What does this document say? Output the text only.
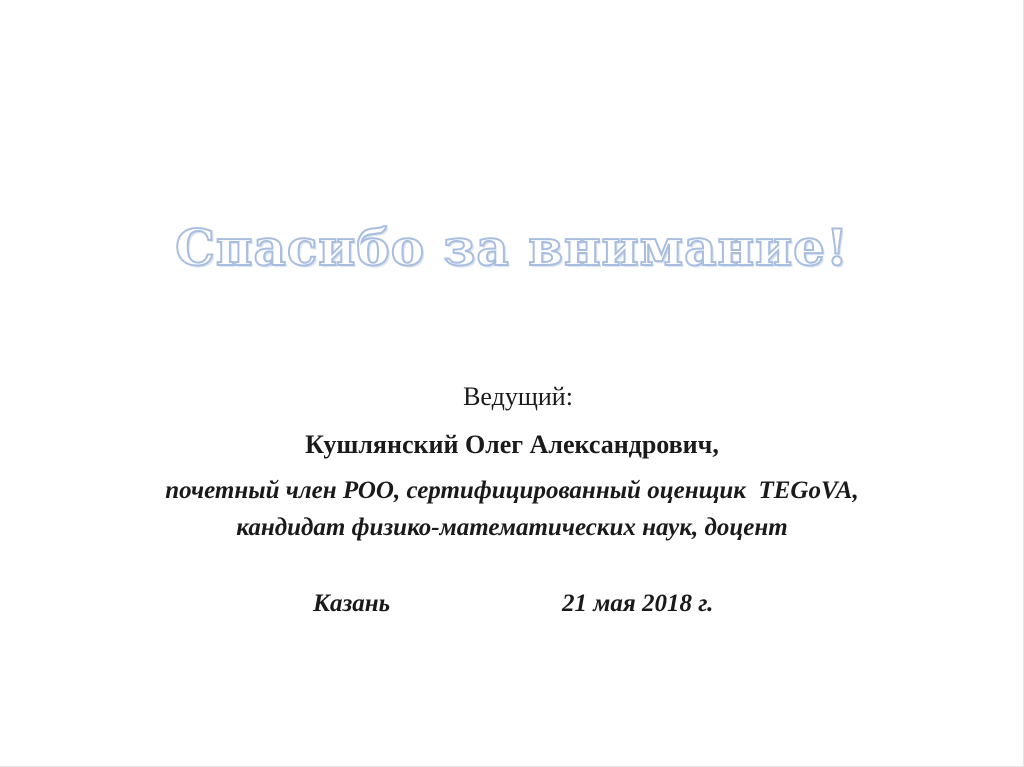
Спасибо за внимание!
Ведущий:
Кушлянский Олег Александрович,
почетный член РОО, сертифицированный оценщик  TEGoVA,
кандидат физико-математических наук, доцент
Казань	21 мая 2018 г.
